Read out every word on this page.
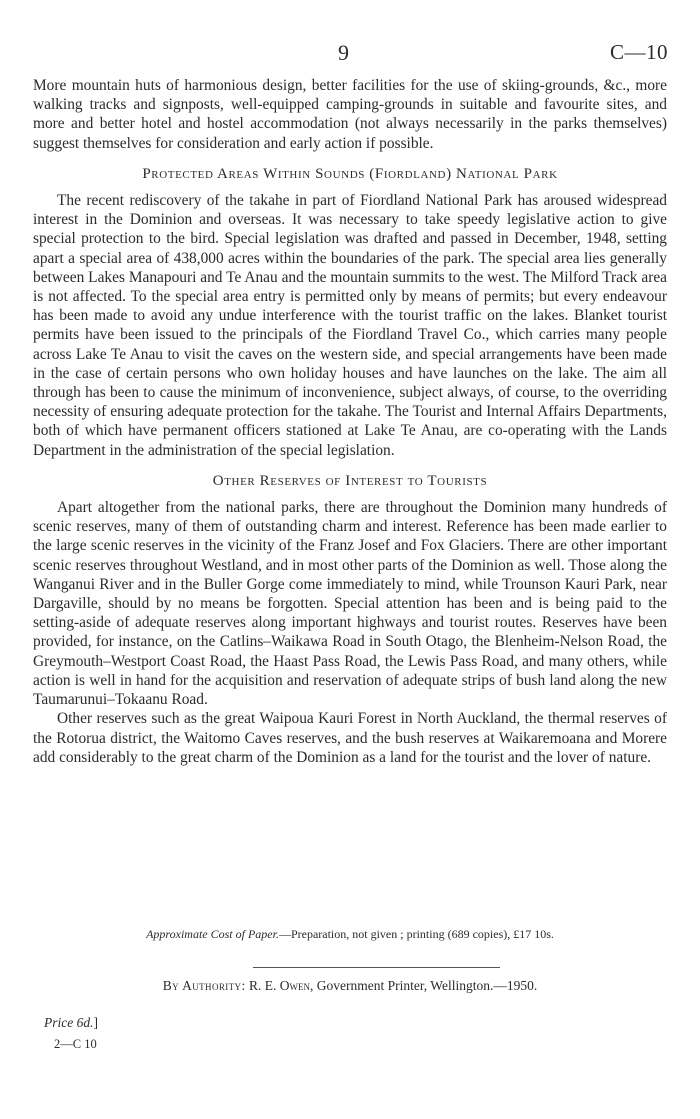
9	C—10

More mountain huts of harmonious design, better facilities for the use of skiing-grounds, &c., more walking tracks and signposts, well-equipped camping-grounds in suitable and favourite sites, and more and better hotel and hostel accommodation (not always necessarily in the parks themselves) suggest themselves for consideration and early action if possible.

Protected Areas Within Sounds (Fiordland) National Park

The recent rediscovery of the takahe in part of Fiordland National Park has aroused widespread interest in the Dominion and overseas. It was necessary to take speedy legislative action to give special protection to the bird. Special legislation was drafted and passed in December, 1948, setting apart a special area of 438,000 acres within the boundaries of the park. The special area lies generally between Lakes Manapouri and Te Anau and the mountain summits to the west. The Milford Track area is not affected. To the special area entry is permitted only by means of permits; but every endeavour has been made to avoid any undue interference with the tourist traffic on the lakes. Blanket tourist permits have been issued to the principals of the Fiordland Travel Co., which carries many people across Lake Te Anau to visit the caves on the western side, and special arrangements have been made in the case of certain persons who own holiday houses and have launches on the lake. The aim all through has been to cause the minimum of inconvenience, subject always, of course, to the overriding necessity of ensuring adequate protection for the takahe. The Tourist and Internal Affairs Departments, both of which have permanent officers stationed at Lake Te Anau, are co-operating with the Lands Department in the administration of the special legislation.

Other Reserves of Interest to Tourists

Apart altogether from the national parks, there are throughout the Dominion many hundreds of scenic reserves, many of them of outstanding charm and interest. Reference has been made earlier to the large scenic reserves in the vicinity of the Franz Josef and Fox Glaciers. There are other important scenic reserves throughout Westland, and in most other parts of the Dominion as well. Those along the Wanganui River and in the Buller Gorge come immediately to mind, while Trounson Kauri Park, near Dargaville, should by no means be forgotten. Special attention has been and is being paid to the setting-aside of adequate reserves along important highways and tourist routes. Reserves have been provided, for instance, on the Catlins–Waikawa Road in South Otago, the Blenheim-Nelson Road, the Greymouth–Westport Coast Road, the Haast Pass Road, the Lewis Pass Road, and many others, while action is well in hand for the acquisition and reservation of adequate strips of bush land along the new Taumarunui–Tokaanu Road.

Other reserves such as the great Waipoua Kauri Forest in North Auckland, the thermal reserves of the Rotorua district, the Waitomo Caves reserves, and the bush reserves at Waikaremoana and Morere add considerably to the great charm of the Dominion as a land for the tourist and the lover of nature.

Approximate Cost of Paper.—Preparation, not given ; printing (689 copies), £17 10s.
By Authority: R. E. Owen, Government Printer, Wellington.—1950.
Price 6d.]
2—C 10
